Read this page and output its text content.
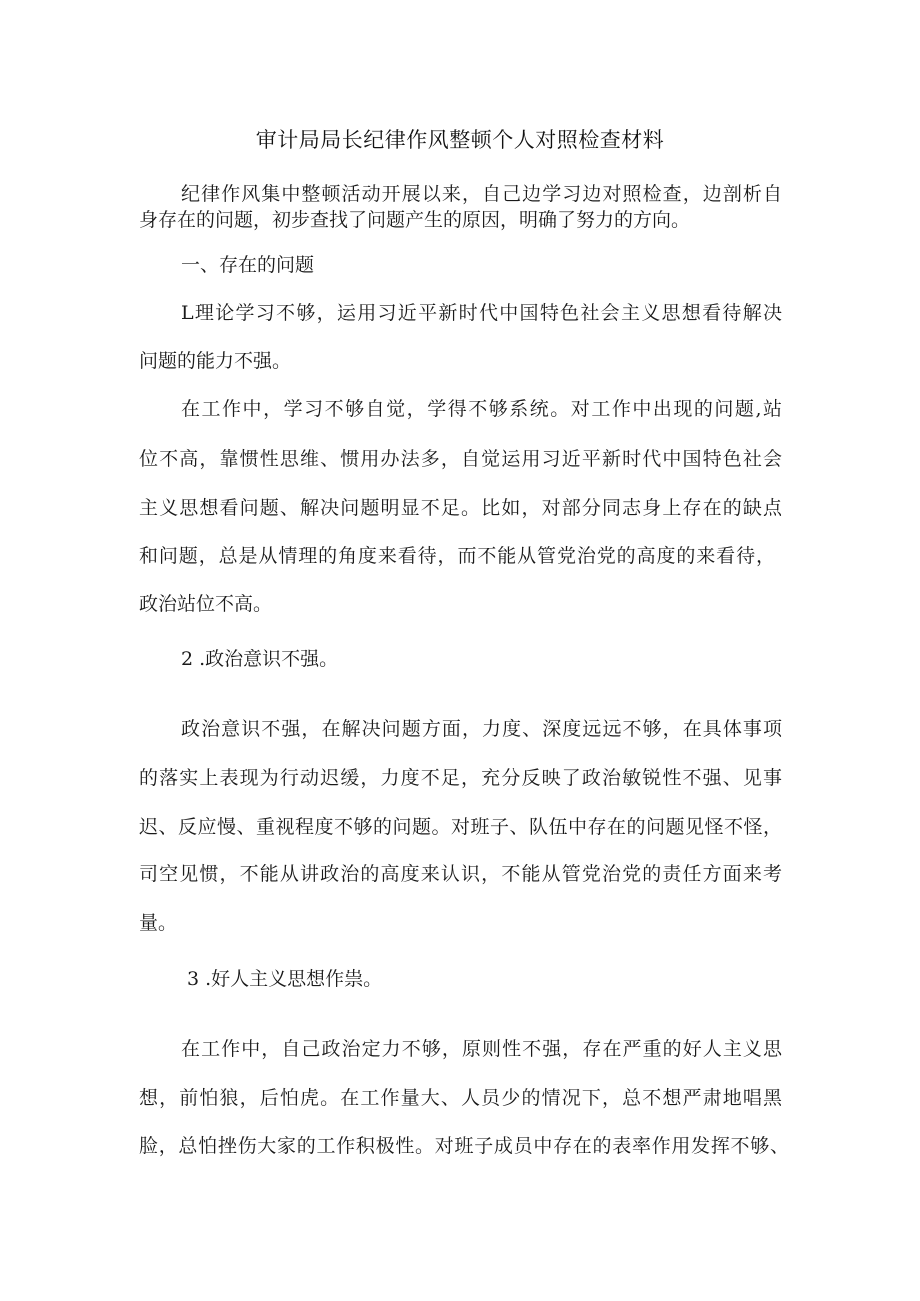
审计局局长纪律作风整顿个人对照检查材料
纪律作风集中整顿活动开展以来，自己边学习边对照检查，边剖析自
身存在的问题，初步查找了问题产生的原因，明确了努力的方向。
一、存在的问题
L理论学习不够，运用习近平新时代中国特色社会主义思想看待解决
问题的能力不强。
在工作中，学习不够自觉，学得不够系统。对工作中出现的问题,站
位不高，靠惯性思维、惯用办法多，自觉运用习近平新时代中国特色社会
主义思想看问题、解决问题明显不足。比如，对部分同志身上存在的缺点
和问题，总是从情理的角度来看待，而不能从管党治党的高度的来看待，
政治站位不高。
2 .政治意识不强。
政治意识不强，在解决问题方面，力度、深度远远不够，在具体事项
的落实上表现为行动迟缓，力度不足，充分反映了政治敏锐性不强、见事
迟、反应慢、重视程度不够的问题。对班子、队伍中存在的问题见怪不怪，
司空见惯，不能从讲政治的高度来认识，不能从管党治党的责任方面来考
量。
3 .好人主义思想作祟。
在工作中，自己政治定力不够，原则性不强，存在严重的好人主义思
想，前怕狼，后怕虎。在工作量大、人员少的情况下，总不想严肃地唱黑
脸，总怕挫伤大家的工作积极性。对班子成员中存在的表率作用发挥不够、
